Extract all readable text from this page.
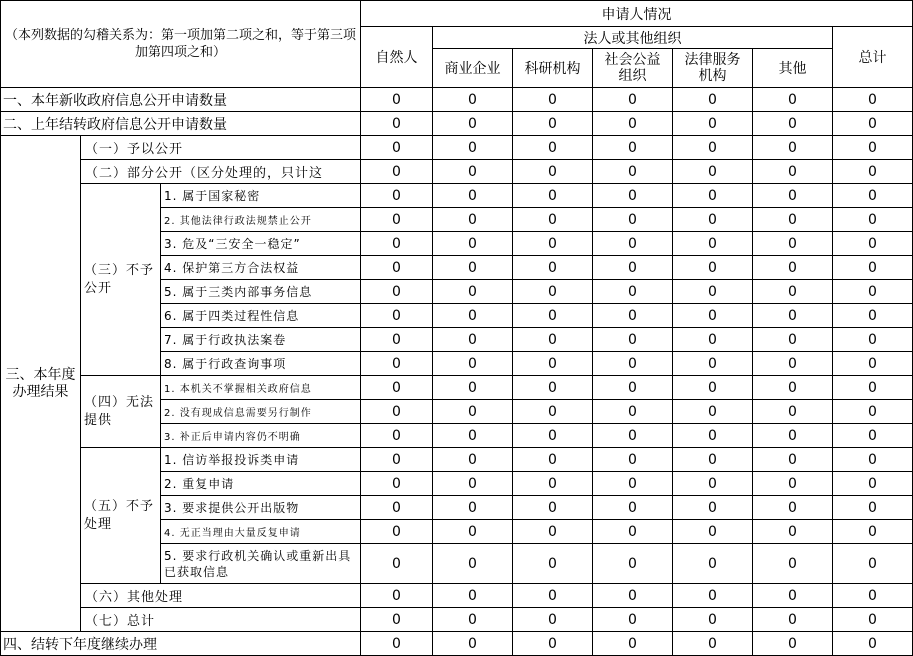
（本列数据的勾稽关系为：第一项加第二项之和，等于第三项加第四项之和）			申请人情况						
			自然人	法人或其他组织					总计
				商业企业	科研机构	社会公益组织	法律服务机构	其他	
一、本年新收政府信息公开申请数量			0	0	0	0	0	0	0
二、上年结转政府信息公开申请数量			0	0	0	0	0	0	0
三、本年度办理结果	（一）予以公开		0	0	0	0	0	0	0
	（二）部分公开（区分处理的，只计这		0	0	0	0	0	0	0
	（三）不予公开	1. 属于国家秘密	0	0	0	0	0	0	0
		2. 其他法律行政法规禁止公开	0	0	0	0	0	0	0
		3. 危及“三安全一稳定”	0	0	0	0	0	0	0
		4. 保护第三方合法权益	0	0	0	0	0	0	0
		5. 属于三类内部事务信息	0	0	0	0	0	0	0
		6. 属于四类过程性信息	0	0	0	0	0	0	0
		7. 属于行政执法案卷	0	0	0	0	0	0	0
		8. 属于行政查询事项	0	0	0	0	0	0	0
	（四）无法提供	1. 本机关不掌握相关政府信息	0	0	0	0	0	0	0
		2. 没有现成信息需要另行制作	0	0	0	0	0	0	0
		3. 补正后申请内容仍不明确	0	0	0	0	0	0	0
	（五）不予处理	1. 信访举报投诉类申请	0	0	0	0	0	0	0
		2. 重复申请	0	0	0	0	0	0	0
		3. 要求提供公开出版物	0	0	0	0	0	0	0
		4. 无正当理由大量反复申请	0	0	0	0	0	0	0
		5. 要求行政机关确认或重新出具已获取信息	0	0	0	0	0	0	0
	（六）其他处理		0	0	0	0	0	0	0
	（七）总计		0	0	0	0	0	0	0
四、结转下年度继续办理			0	0	0	0	0	0	0
